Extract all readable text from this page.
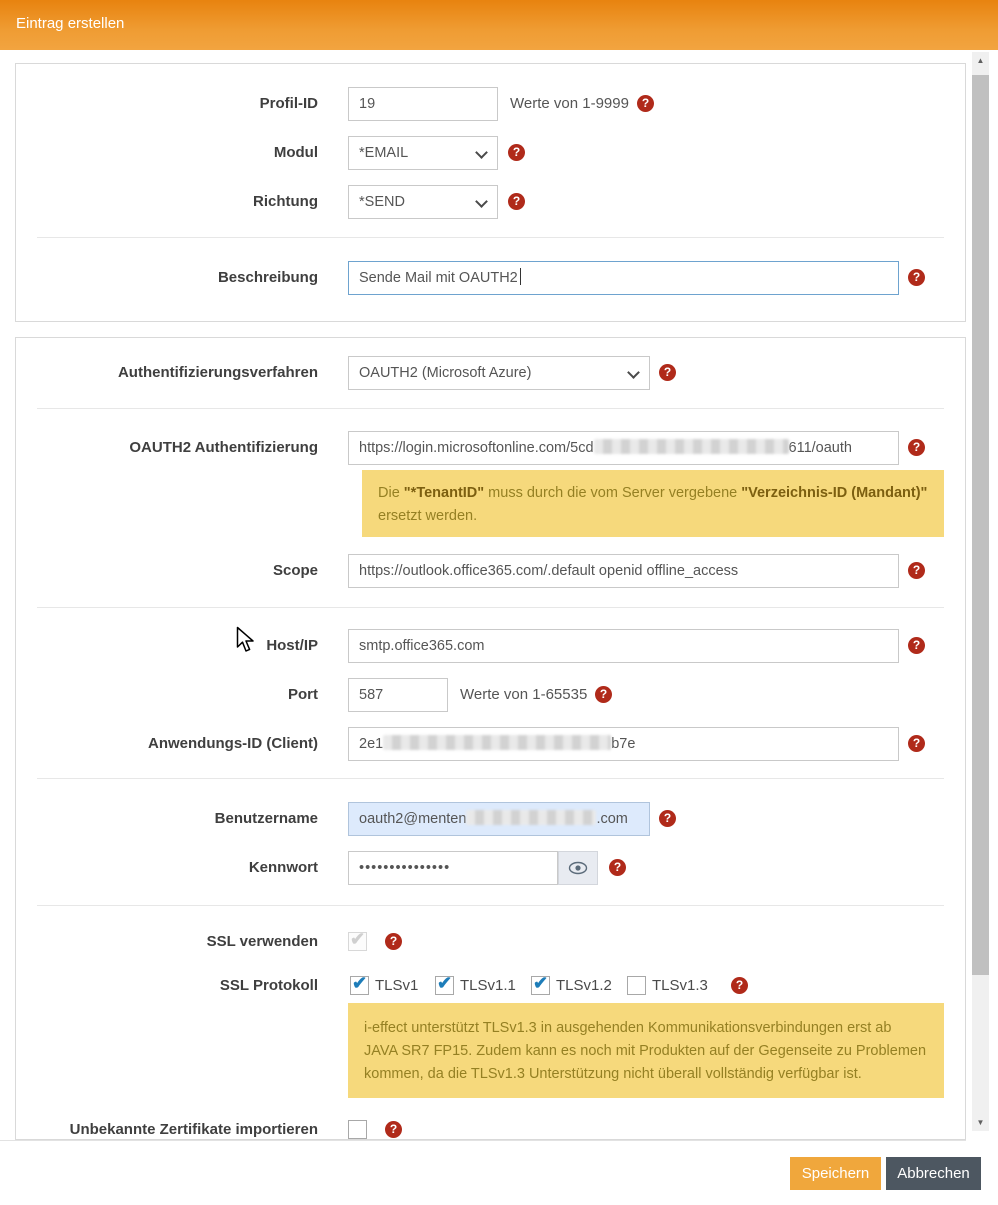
Eintrag erstellen
Profil-ID	19	Werte von 1-9999	?
Modul	*EMAIL	?
Richtung	*SEND	?
Beschreibung	Sende Mail mit OAUTH2	?
Authentifizierungsverfahren	OAUTH2 (Microsoft Azure)	?
OAUTH2 Authentifizierung	https://login.microsoftonline.com/5cd	611/oauth	?
Die "*TenantID" muss durch die vom Server vergebene "Verzeichnis-ID (Mandant)" ersetzt werden.
Scope	https://outlook.office365.com/.default openid offline_access	?
Host/IP	smtp.office365.com	?
Port	587	Werte von 1-65535	?
Anwendungs-ID (Client)	2e1	b7e	?
Benutzername	oauth2@menten	.com	?
Kennwort	•••••••••••••••	?
SSL verwenden ✔	?
SSL Protokoll ✔	TLSv1 ✔	TLSv1.1 ✔	TLSv1.2	TLSv1.3	?
i-effect unterstützt TLSv1.3 in ausgehenden Kommunikationsverbindungen erst ab JAVA SR7 FP15. Zudem kann es noch mit Produkten auf der Gegenseite zu Problemen kommen, da die TLSv1.3 Unterstützung nicht überall vollständig verfügbar ist.
Unbekannte Zertifikate importieren	?
Speichern	Abbrechen
▲
▼
